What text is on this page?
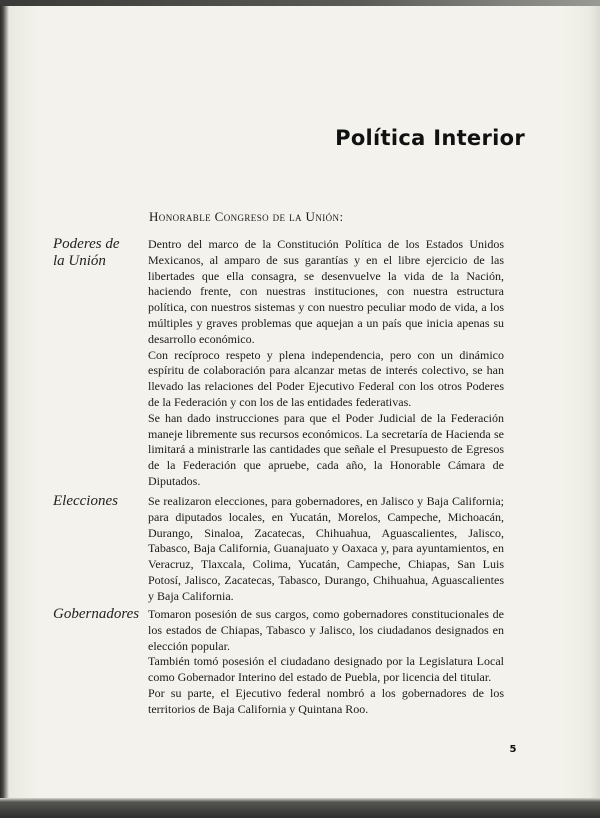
Política Interior
Honorable Congreso de la Unión:
Poderes de la Unión

Dentro del marco de la Constitución Política de los Estados Unidos Mexicanos, al amparo de sus garantías y en el libre ejercicio de las libertades que ella consagra, se desenvuelve la vida de la Nación, haciendo frente, con nuestras instituciones, con nuestra estructura política, con nuestros sistemas y con nuestro peculiar modo de vida, a los múltiples y graves problemas que aquejan a un país que inicia apenas su desarrollo económico.

Con recíproco respeto y plena independencia, pero con un dinámico espíritu de colaboración para alcanzar metas de interés colectivo, se han llevado las relaciones del Poder Ejecutivo Federal con los otros Poderes de la Federación y con los de las entidades federativas.

Se han dado instrucciones para que el Poder Judicial de la Federación maneje libremente sus recursos económicos. La secretaría de Hacienda se limitará a ministrarle las cantidades que señale el Presupuesto de Egresos de la Federación que apruebe, cada año, la Honorable Cámara de Diputados.

Elecciones	Se realizaron elecciones, para gobernadores, en Jalisco y Baja California; para diputados locales, en Yucatán, Morelos, Campeche, Michoacán, Durango, Sinaloa, Zacatecas, Chihuahua, Aguascalientes, Jalisco, Tabasco, Baja California, Guanajuato y Oaxaca y, para ayuntamientos, en Veracruz, Tlaxcala, Colima, Yucatán, Campeche, Chiapas, San Luis Potosí, Jalisco, Zacatecas, Tabasco, Durango, Chihuahua, Aguascalientes y Baja California.

Gobernadores Tomaron posesión de sus cargos, como gobernadores constitucionales de los estados de Chiapas, Tabasco y Jalisco, los ciudadanos designados en elección popular.

También tomó posesión el ciudadano designado por la Legislatura Local como Gobernador Interino del estado de Puebla, por licencia del titular.

Por su parte, el Ejecutivo federal nombró a los gobernadores de los territorios de Baja California y Quintana Roo.

5
